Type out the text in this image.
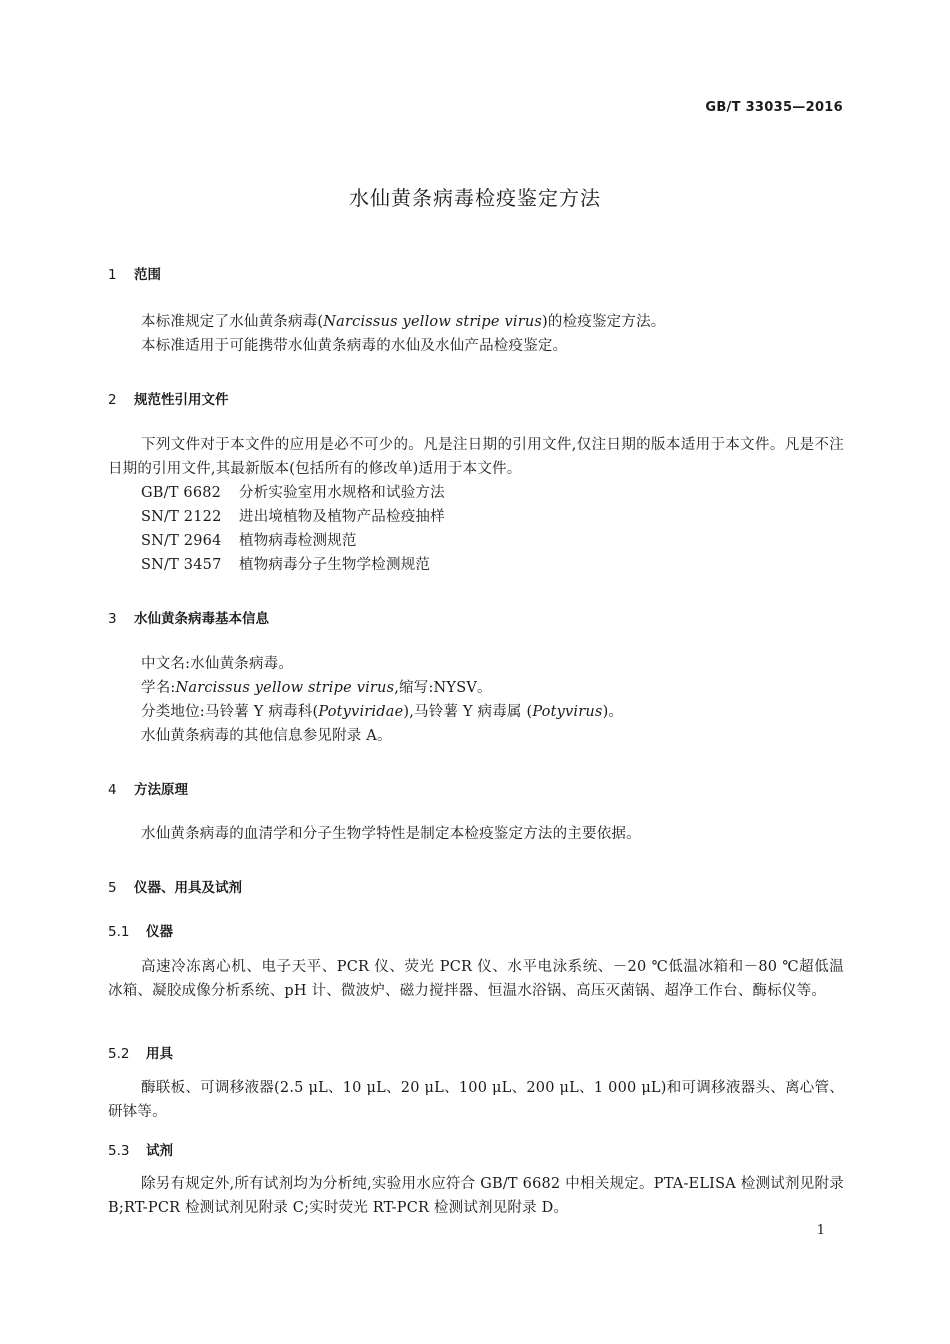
GB/T 33035—2016
水仙黄条病毒检疫鉴定方法
1 范围
本标准规定了水仙黄条病毒(Narcissus yellow stripe virus)的检疫鉴定方法。
本标准适用于可能携带水仙黄条病毒的水仙及水仙产品检疫鉴定。
2 规范性引用文件
下列文件对于本文件的应用是必不可少的。凡是注日期的引用文件,仅注日期的版本适用于本文件。凡是不注日期的引用文件,其最新版本(包括所有的修改单)适用于本文件。
GB/T 6682 分析实验室用水规格和试验方法
SN/T 2122 进出境植物及植物产品检疫抽样
SN/T 2964 植物病毒检测规范
SN/T 3457 植物病毒分子生物学检测规范
3 水仙黄条病毒基本信息
中文名:水仙黄条病毒。
学名:Narcissus yellow stripe virus,缩写:NYSV。
分类地位:马铃薯 Y 病毒科(Potyviridae),马铃薯 Y 病毒属 (Potyvirus)。
水仙黄条病毒的其他信息参见附录 A。
4 方法原理
水仙黄条病毒的血清学和分子生物学特性是制定本检疫鉴定方法的主要依据。
5 仪器、用具及试剂
5.1 仪器
高速冷冻离心机、电子天平、PCR 仪、荧光 PCR 仪、水平电泳系统、－20 ℃低温冰箱和－80 ℃超低温冰箱、凝胶成像分析系统、pH 计、微波炉、磁力搅拌器、恒温水浴锅、高压灭菌锅、超净工作台、酶标仪等。
5.2 用具
酶联板、可调移液器(2.5 μL、10 μL、20 μL、100 μL、200 μL、1 000 μL)和可调移液器头、离心管、研钵等。
5.3 试剂
除另有规定外,所有试剂均为分析纯,实验用水应符合 GB/T 6682 中相关规定。PTA-ELISA 检测试剂见附录 B;RT-PCR 检测试剂见附录 C;实时荧光 RT-PCR 检测试剂见附录 D。
1
